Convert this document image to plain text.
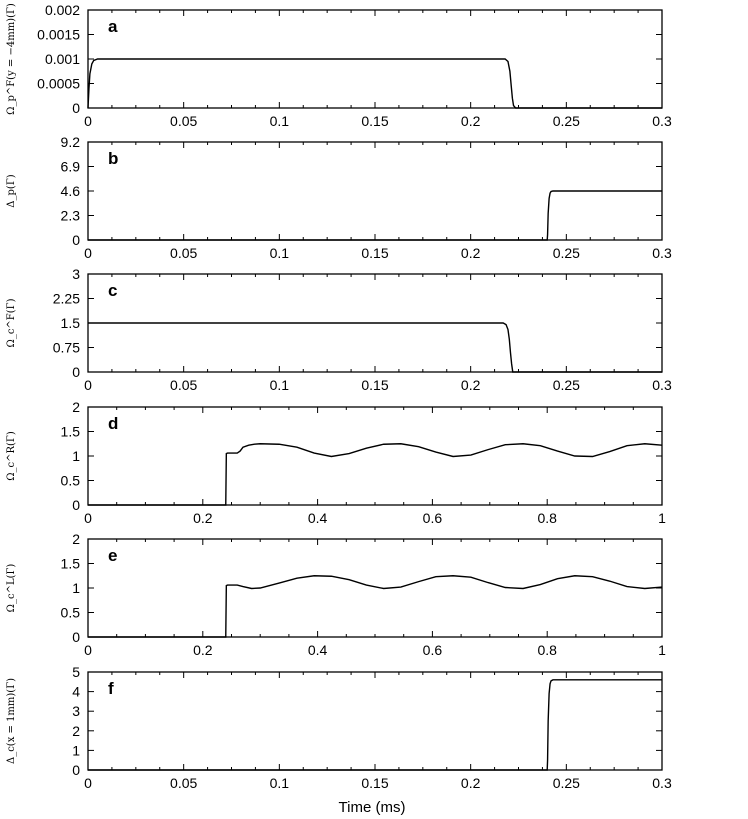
0	0.05	0.1	0.15	0.2	0.25	0.3
0
0.0005
0.001
0.0015
0.002
Ω_p^F(y = −4mm)(Γ)	a
0	0.05	0.1	0.15	0.2	0.25	0.3
0
2.3
4.6
6.9
9.2
Δ_p(Γ)
b
0	0.05	0.1	0.15	0.2	0.25	0.3
0
0.75
1.5
2.25
3
Ω_c^F(Γ)
c
0	0.2	0.4	0.6	0.8	1
0
0.5
1
1.5
2
Ω_c^R(Γ)
d
0	0.2	0.4	0.6	0.8	1
0
0.5
1
1.5
2
Ω_c^L(Γ)
e
0	0.05	0.1	0.15	0.2	0.25	0.3
0
1
2
3
4
5
Δ_c(x = 1mm)(Γ)	f
Time (ms)
